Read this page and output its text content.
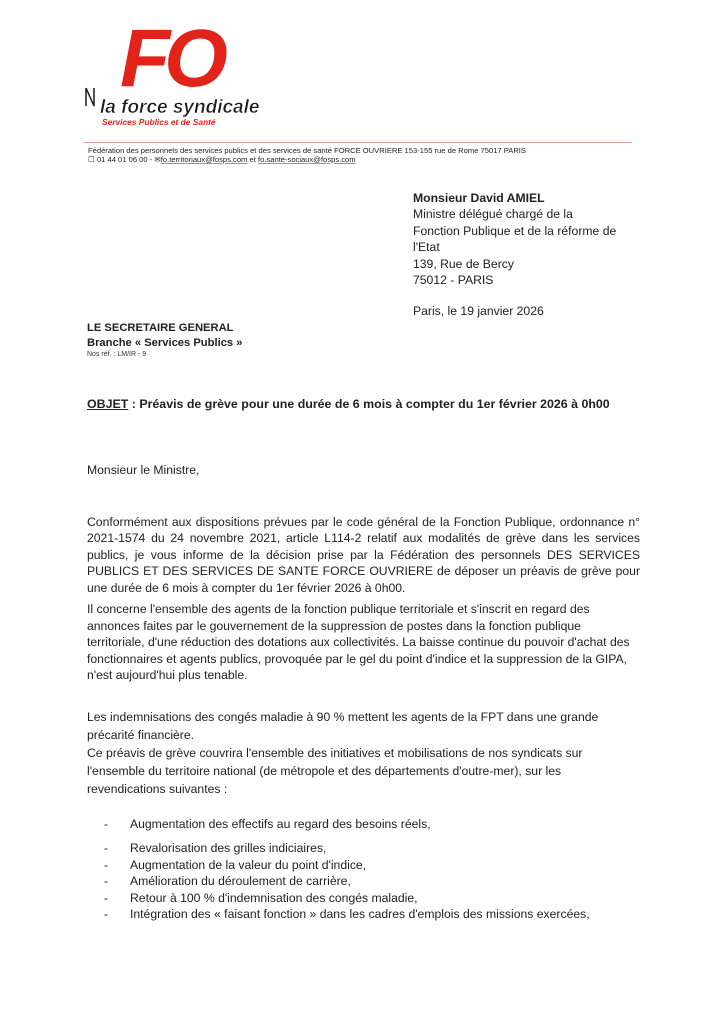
FO
la force syndicale
Services Publics et de Santé
Fédération des personnels des services publics et des services de santé FORCE OUVRIERE 153-155 rue de Rome 75017 PARIS
☐ 01 44 01 06 00 - ✉fo.territoriaux@fosps.com et fo.sante-sociaux@fosps.com
Monsieur David AMIEL
Ministre délégué chargé de la
Fonction Publique et de la réforme de
l'Etat
139, Rue de Bercy
75012 - PARIS
Paris, le 19 janvier 2026
LE SECRETAIRE GENERAL
Branche « Services Publics »
Nos réf. : LM/IR - 9
OBJET : Préavis de grève pour une durée de 6 mois à compter du 1er février 2026 à 0h00
Monsieur le Ministre,
Conformément aux dispositions prévues par le code général de la Fonction Publique, ordonnance n° 2021-1574 du 24 novembre 2021, article L114-2 relatif aux modalités de grève dans les services publics, je vous informe de la décision prise par la Fédération des personnels DES SERVICES PUBLICS ET DES SERVICES DE SANTE FORCE OUVRIERE de déposer un préavis de grève pour une durée de 6 mois à compter du 1er février 2026 à 0h00.
Il concerne l'ensemble des agents de la fonction publique territoriale et s'inscrit en regard des annonces faites par le gouvernement de la suppression de postes dans la fonction publique territoriale, d'une réduction des dotations aux collectivités. La baisse continue du pouvoir d'achat des fonctionnaires et agents publics, provoquée par le gel du point d'indice et la suppression de la GIPA, n'est aujourd'hui plus tenable.
Les indemnisations des congés maladie à 90 % mettent les agents de la FPT dans une grande précarité financière.
Ce préavis de grève couvrira l'ensemble des initiatives et mobilisations de nos syndicats sur l'ensemble du territoire national (de métropole et des départements d'outre-mer), sur les revendications suivantes :
- Augmentation des effectifs au regard des besoins réels,
- Revalorisation des grilles indiciaires,
- Augmentation de la valeur du point d'indice,
- Amélioration du déroulement de carrière,
- Retour à 100 % d'indemnisation des congés maladie,
- Intégration des « faisant fonction » dans les cadres d'emplois des missions exercées,
